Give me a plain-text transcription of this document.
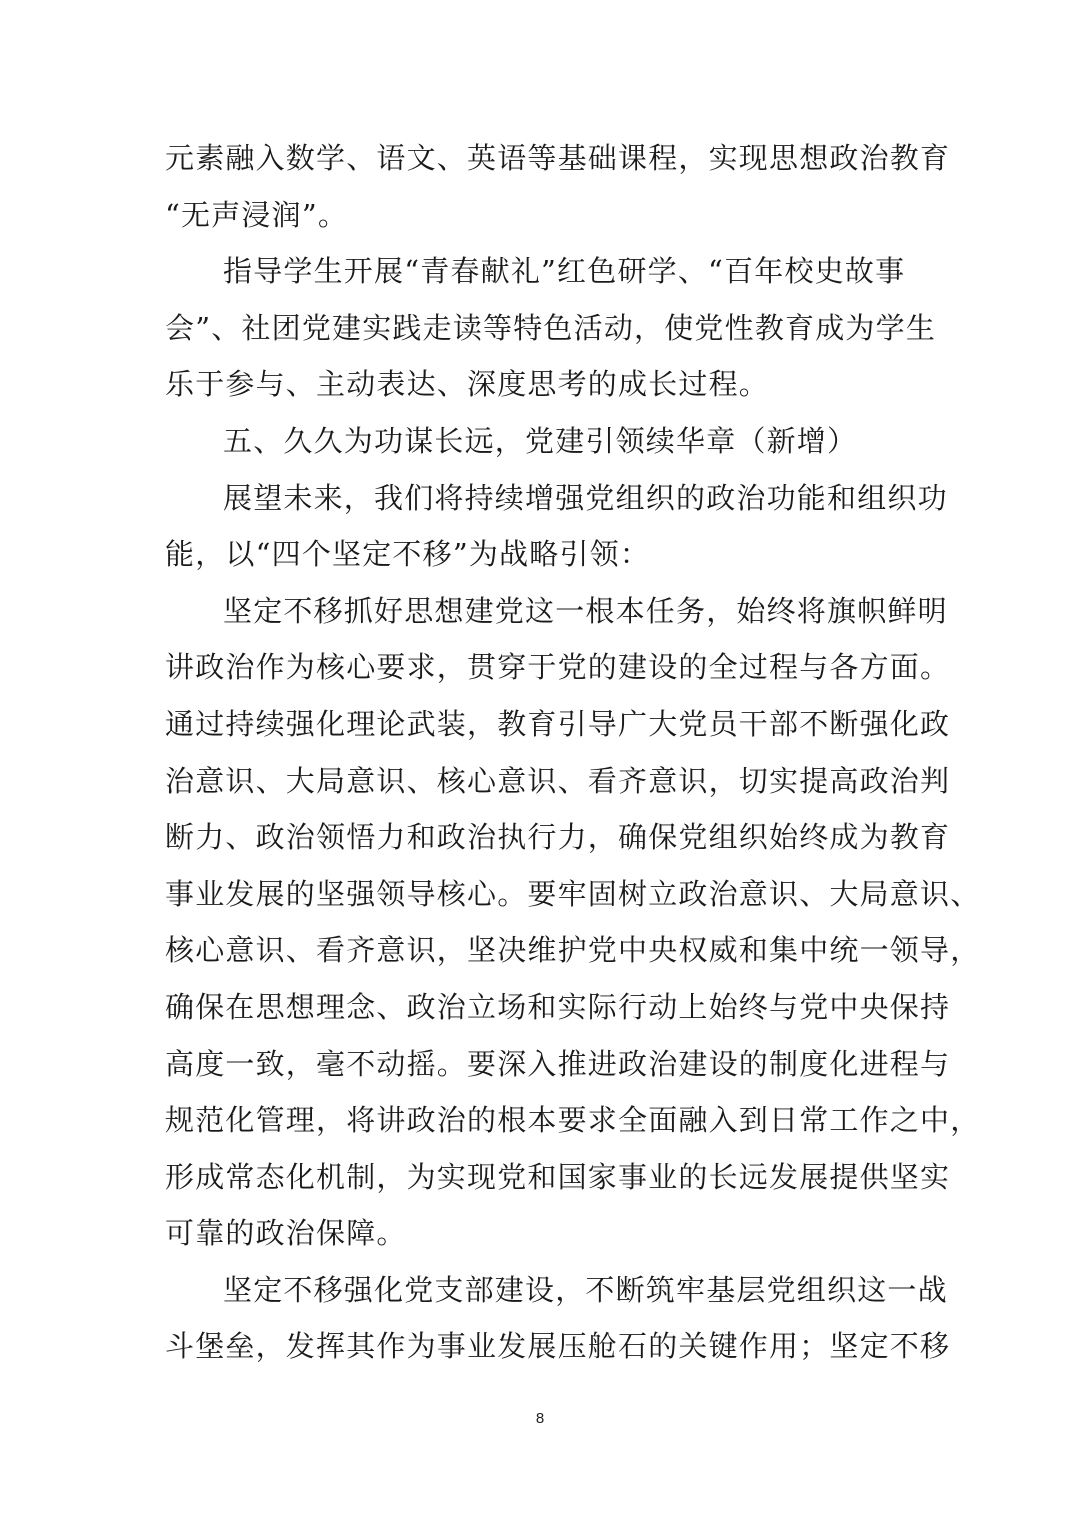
元素融入数学、语文、英语等基础课程，实现思想政治教育
“无声浸润”。
指导学生开展“青春献礼”红色研学、“百年校史故事
会”、社团党建实践走读等特色活动，使党性教育成为学生
乐于参与、主动表达、深度思考的成长过程。
五、久久为功谋长远，党建引领续华章（新增）
展望未来，我们将持续增强党组织的政治功能和组织功
能，以“四个坚定不移”为战略引领：
坚定不移抓好思想建党这一根本任务，始终将旗帜鲜明
讲政治作为核心要求，贯穿于党的建设的全过程与各方面。
通过持续强化理论武装，教育引导广大党员干部不断强化政
治意识、大局意识、核心意识、看齐意识，切实提高政治判
断力、政治领悟力和政治执行力，确保党组织始终成为教育
事业发展的坚强领导核心。要牢固树立政治意识、大局意识、
核心意识、看齐意识，坚决维护党中央权威和集中统一领导，
确保在思想理念、政治立场和实际行动上始终与党中央保持
高度一致，毫不动摇。要深入推进政治建设的制度化进程与
规范化管理，将讲政治的根本要求全面融入到日常工作之中，
形成常态化机制，为实现党和国家事业的长远发展提供坚实
可靠的政治保障。
坚定不移强化党支部建设，不断筑牢基层党组织这一战
斗堡垒，发挥其作为事业发展压舱石的关键作用；坚定不移
8
